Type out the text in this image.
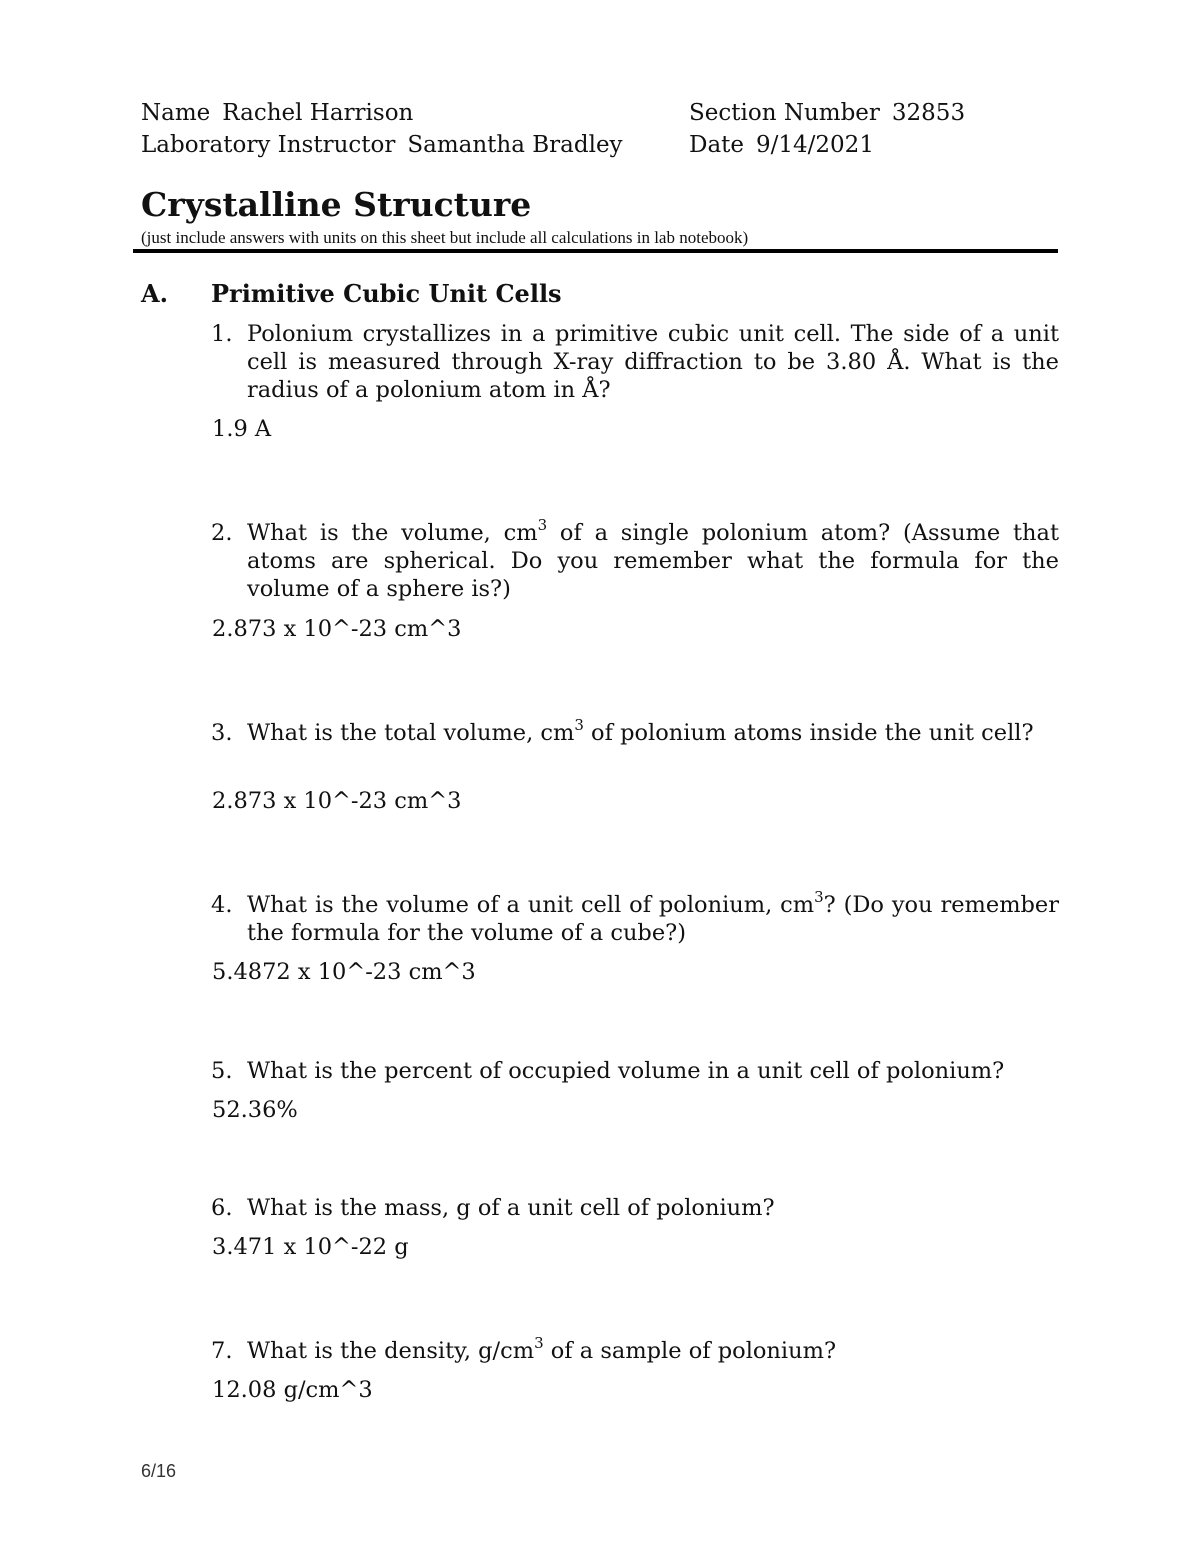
Name Rachel Harrison
Laboratory Instructor Samantha Bradley
Section Number 32853
Date 9/14/2021
Crystalline Structure
(just include answers with units on this sheet but include all calculations in lab notebook)
A. Primitive Cubic Unit Cells
1. Polonium crystallizes in a primitive cubic unit cell. The side of a unit cell is measured through X-ray diffraction to be 3.80 Å. What is the radius of a polonium atom in Å?
1.9 A
2. What is the volume, $cm^3$ of a single polonium atom? (Assume that atoms are spherical. Do you remember what the formula for the volume of a sphere is?)
2.873 x 10^-23 cm^3
3. What is the total volume, $cm^3$ of polonium atoms inside the unit cell?
2.873 x 10^-23 cm^3
4. What is the volume of a unit cell of polonium, $cm^3$? (Do you remember the formula for the volume of a cube?)
5.4872 x 10^-23 cm^3
5. What is the percent of occupied volume in a unit cell of polonium?
52.36%
6. What is the mass, g of a unit cell of polonium?
3.471 x 10^-22 g
7. What is the density, $g/cm^3$ of a sample of polonium?
12.08 g/cm^3
6/16
